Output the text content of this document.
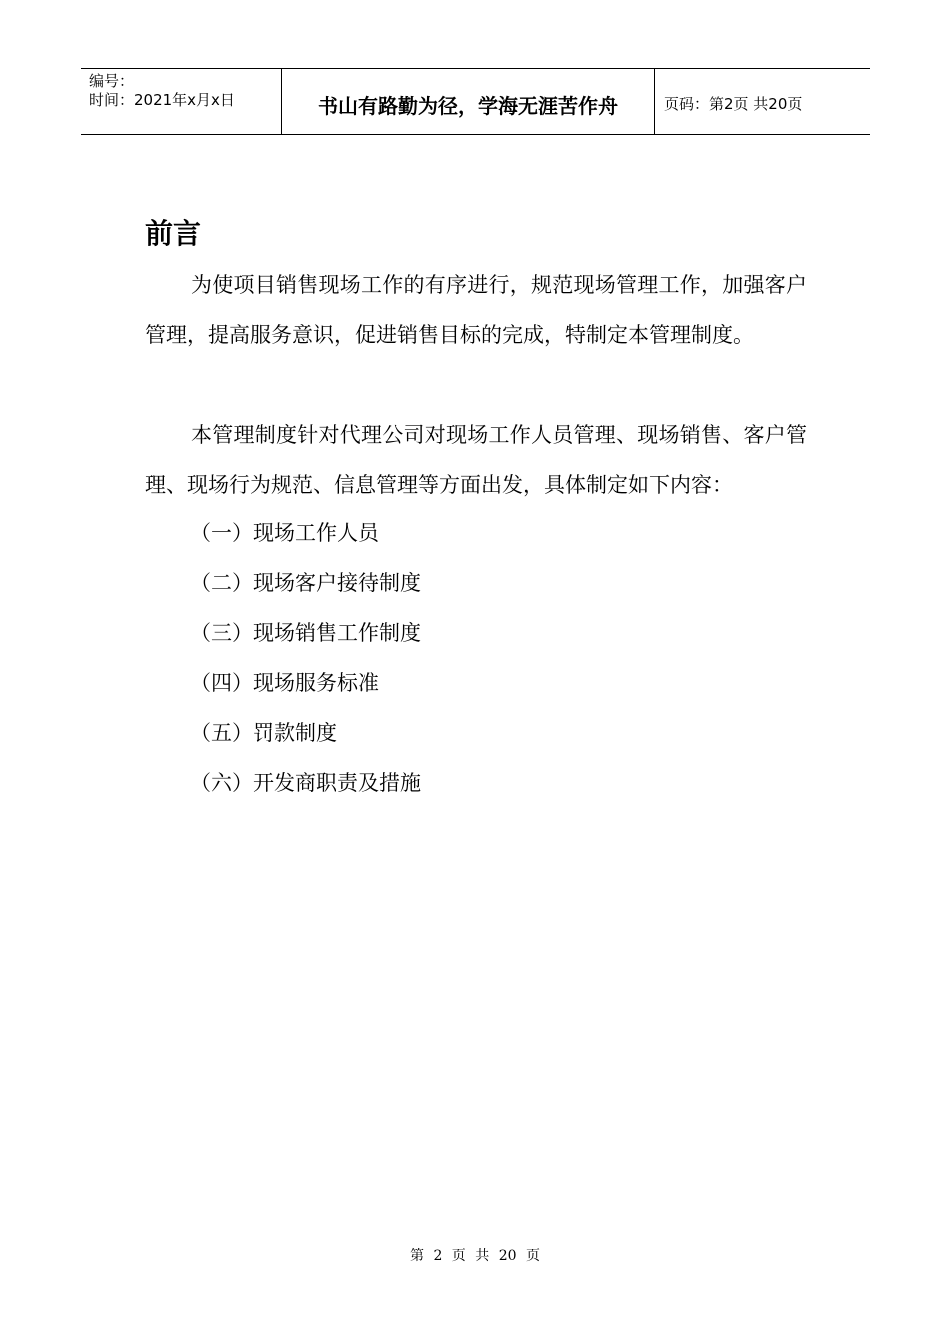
编号：
时间：2021年x月x日	书山有路勤为径，学海无涯苦作舟	页码：第2页 共20页
前言

为使项目销售现场工作的有序进行，规范现场管理工作，加强客户管理，提高服务意识，促进销售目标的完成，特制定本管理制度。

本管理制度针对代理公司对现场工作人员管理、现场销售、客户管理、现场行为规范、信息管理等方面出发，具体制定如下内容：

（一）现场工作人员
（二）现场客户接待制度
（三）现场销售工作制度
（四）现场服务标准
（五）罚款制度
（六）开发商职责及措施
第 2 页 共 20 页
